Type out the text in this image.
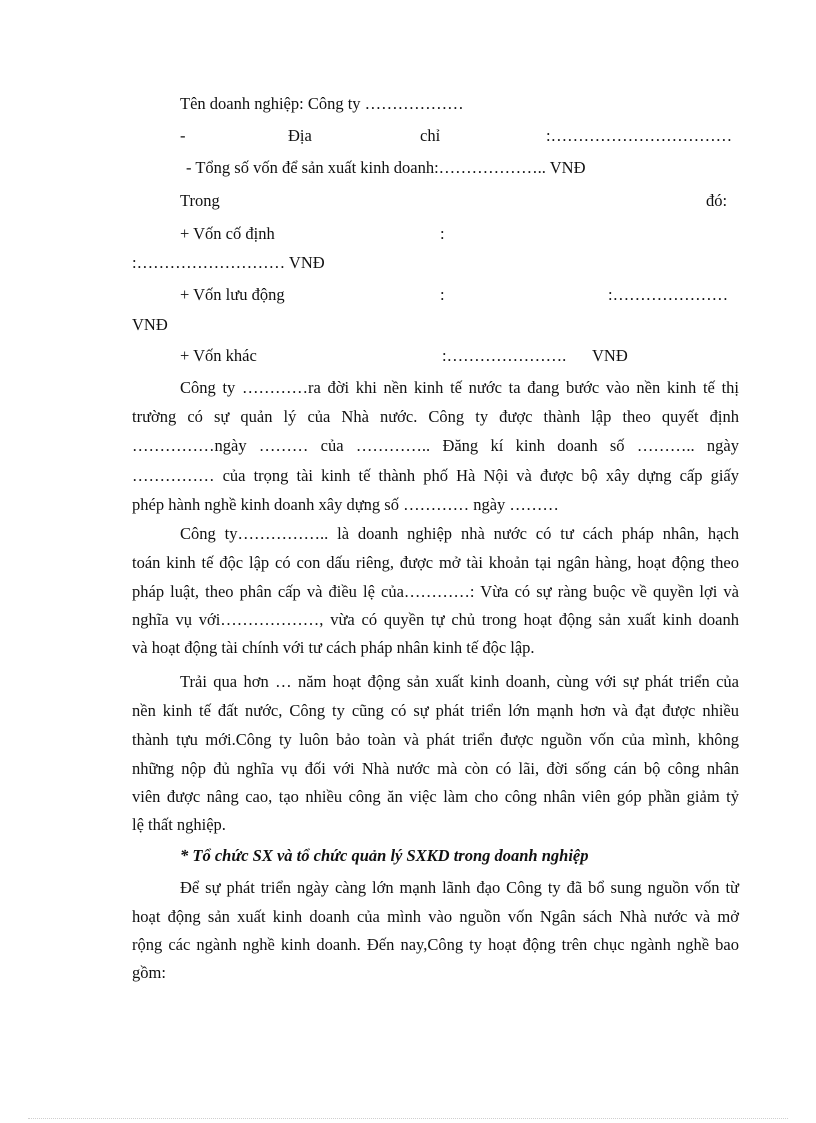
Tên doanh nghiệp: Công ty ………………
-	Địa	chỉ	:……………………………
- Tổng số vốn để sản xuất kinh doanh:……………….. VNĐ
Trong	đó:
+ Vốn cố định	:
:……………………… VNĐ
+ Vốn lưu động	:	:…………………
VNĐ
+ Vốn khác	:…………………. VNĐ
Công ty …………ra đời khi nền kinh tế nước ta đang bước vào nền kinh tế thị
trường có sự quản lý của Nhà nước. Công ty được thành lập theo quyết định
……………ngày ……… của ………….. Đăng kí kinh doanh số ……….. ngày
…………… của trọng tài kinh tế thành phố Hà Nội và được bộ xây dựng cấp giấy
phép hành nghề kinh doanh xây dựng số ………… ngày ………
Công ty…………….. là doanh nghiệp nhà nước có tư cách pháp nhân, hạch
toán kinh tế độc lập có con dấu riêng, được mở tài khoản tại ngân hàng, hoạt động theo
pháp luật, theo phân cấp và điều lệ của…………: Vừa có sự ràng buộc về quyền lợi và
nghĩa vụ với………………, vừa có quyền tự chủ trong hoạt động sản xuất kinh doanh
và hoạt động tài chính với tư cách pháp nhân kinh tế độc lập.
Trải qua hơn … năm hoạt động sản xuất kinh doanh, cùng với sự phát triển của
nền kinh tế đất nước, Công ty cũng có sự phát triển lớn mạnh hơn và đạt được nhiều
thành tựu mới.Công ty luôn bảo toàn và phát triển được nguồn vốn của mình, không
những nộp đủ nghĩa vụ đối với Nhà nước mà còn có lãi, đời sống cán bộ công nhân
viên được nâng cao, tạo nhiều công ăn việc làm cho công nhân viên góp phần giảm tỷ
lệ thất nghiệp.
* Tổ chức SX và tổ chức quản lý SXKD trong doanh nghiệp
Để sự phát triển ngày càng lớn mạnh lãnh đạo Công ty đã bổ sung nguồn vốn từ
hoạt động sản xuất kinh doanh của mình vào nguồn vốn Ngân sách Nhà nước và mở
rộng các ngành nghề kinh doanh. Đến nay,Công ty hoạt động trên chục ngành nghề bao
gồm:
